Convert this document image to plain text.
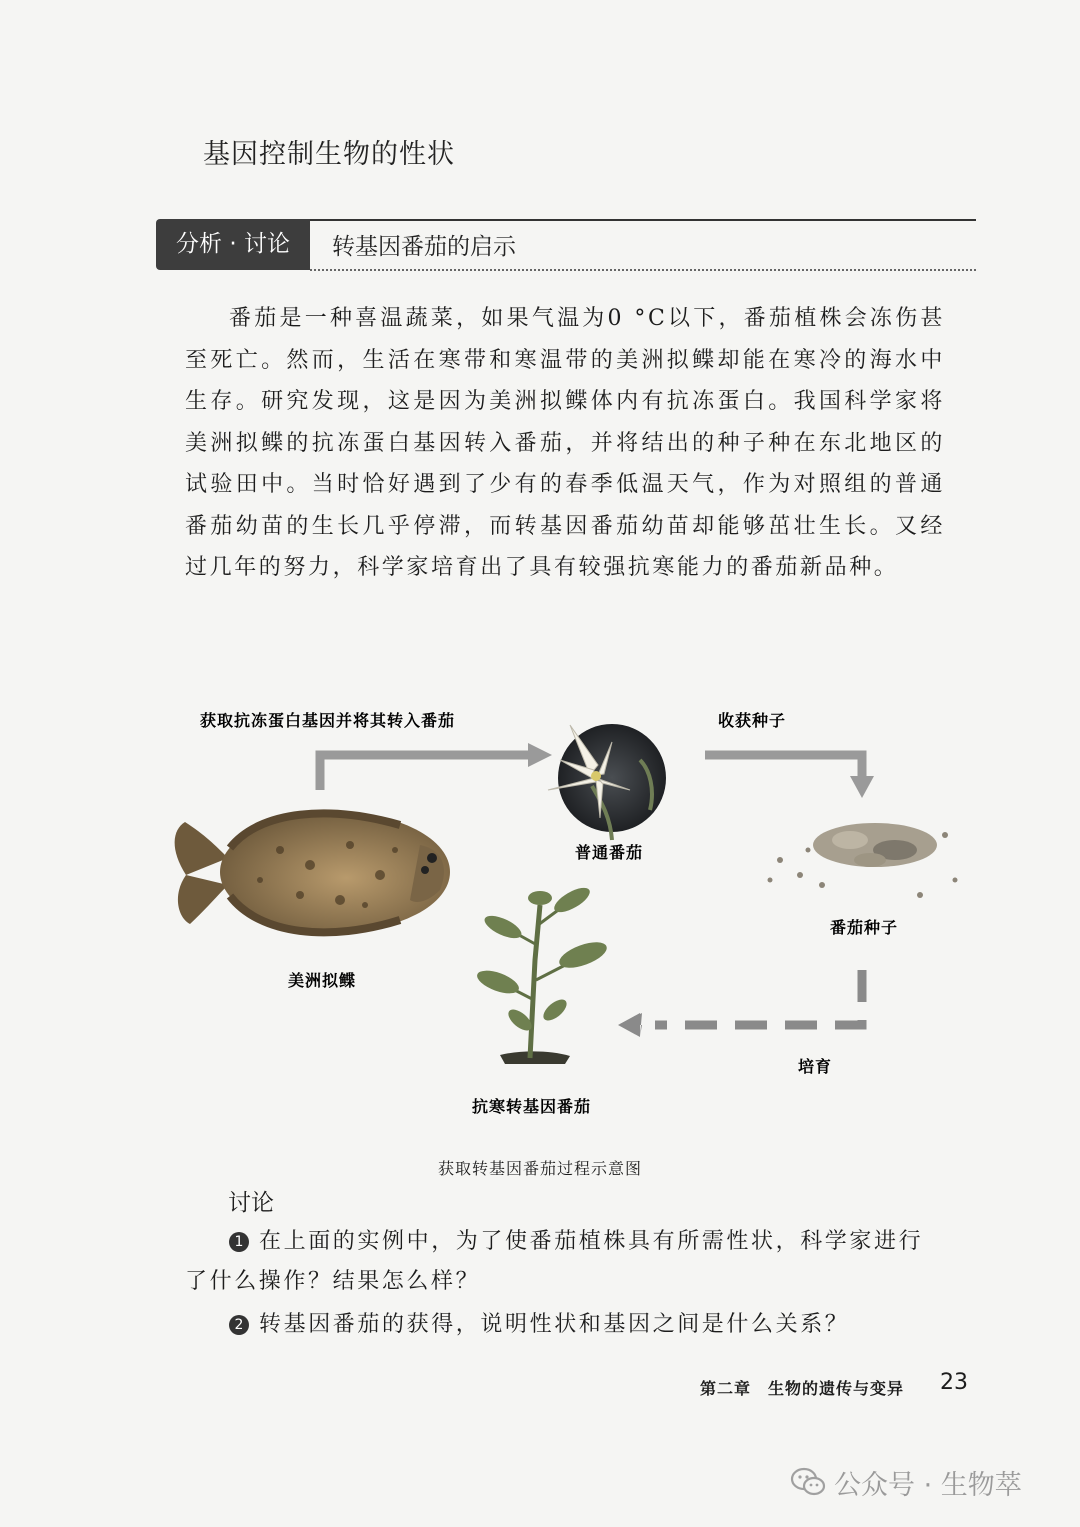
基因控制生物的性状
分析 · 讨论	转基因番茄的启示

番茄是一种喜温蔬菜，如果气温为0 °C以下，番茄植株会冻伤甚至死亡。然而，生活在寒带和寒温带的美洲拟鲽却能在寒冷的海水中生存。研究发现，这是因为美洲拟鲽体内有抗冻蛋白。我国科学家将美洲拟鲽的抗冻蛋白基因转入番茄，并将结出的种子种在东北地区的试验田中。当时恰好遇到了少有的春季低温天气，作为对照组的普通番茄幼苗的生长几乎停滞，而转基因番茄幼苗却能够茁壮生长。又经过几年的努力，科学家培育出了具有较强抗寒能力的番茄新品种。

获取抗冻蛋白基因并将其转入番茄	收获种子
普通番茄
番茄种子
美洲拟鲽
培育
抗寒转基因番茄
获取转基因番茄过程示意图
讨论
1 在上面的实例中，为了使番茄植株具有所需性状，科学家进行了什么操作？结果怎么样？
2 转基因番茄的获得，说明性状和基因之间是什么关系？
第二章　生物的遗传与变异 23
公众号 · 生物萃
